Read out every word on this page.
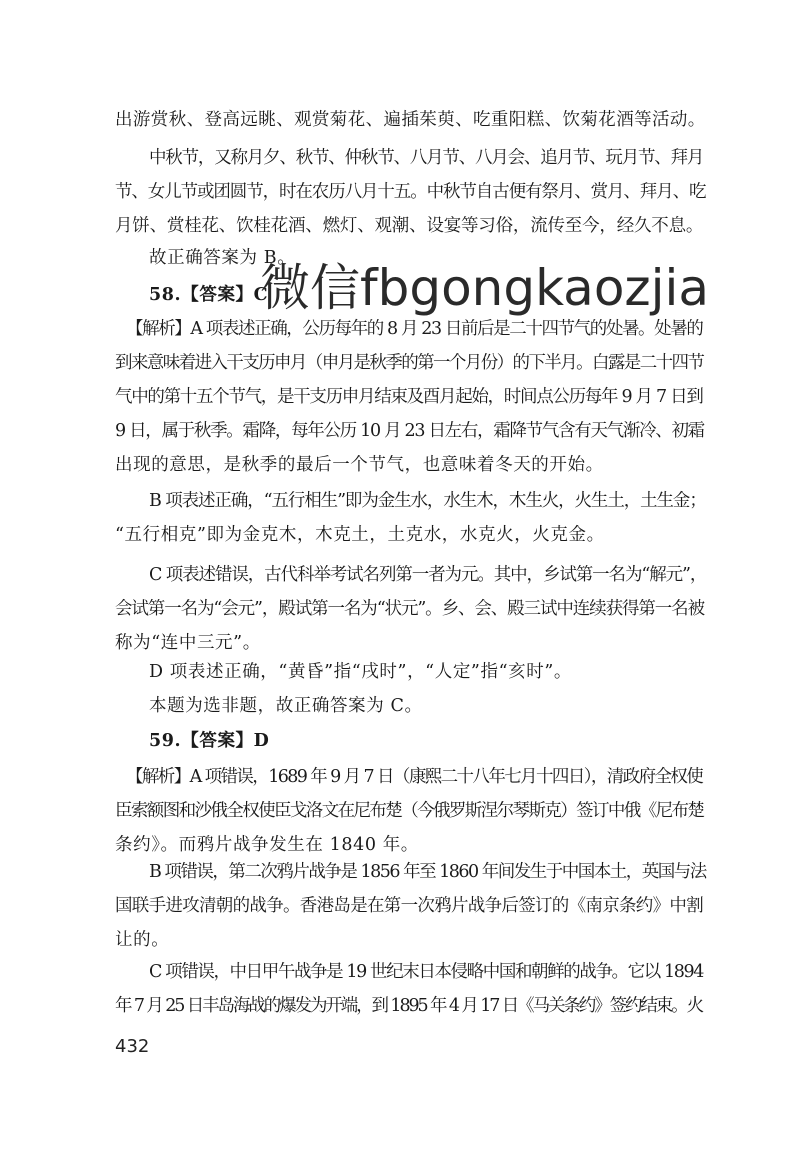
出游赏秋、登高远眺、观赏菊花、遍插茱萸、吃重阳糕、饮菊花酒等活动。
中秋节，又称月夕、秋节、仲秋节、八月节、八月会、追月节、玩月节、拜月
节、女儿节或团圆节，时在农历八月十五。中秋节自古便有祭月、赏月、拜月、吃
月饼、赏桂花、饮桂花酒、燃灯、观潮、设宴等习俗，流传至今，经久不息。
故正确答案为 B。
58.【答案】C
【解析】A 项表述正确，公历每年的 8 月 23 日前后是二十四节气的处暑。处暑的
到来意味着进入干支历申月（申月是秋季的第一个月份）的下半月。白露是二十四节
气中的第十五个节气，是干支历申月结束及酉月起始，时间点公历每年 9 月 7 日到
9 日，属于秋季。霜降，每年公历 10 月 23 日左右，霜降节气含有天气渐冷、初霜
出现的意思，是秋季的最后一个节气，也意味着冬天的开始。
B 项表述正确，“五行相生”即为金生水，水生木，木生火，火生土，土生金；
“五行相克”即为金克木，木克土，土克水，水克火，火克金。
C 项表述错误，古代科举考试名列第一者为元。其中，乡试第一名为“解元”，
会试第一名为“会元”，殿试第一名为“状元”。乡、会、殿三试中连续获得第一名被
称为“连中三元”。
D 项表述正确，“黄昏”指“戌时”，“人定”指“亥时”。
本题为选非题，故正确答案为 C。
59.【答案】D
【解析】A 项错误，1689 年 9 月 7 日（康熙二十八年七月十四日），清政府全权使
臣索额图和沙俄全权使臣戈洛文在尼布楚（今俄罗斯涅尔琴斯克）签订中俄《尼布楚
条约》。而鸦片战争发生在 1840 年。
B 项错误，第二次鸦片战争是 1856 年至 1860 年间发生于中国本土，英国与法
国联手进攻清朝的战争。香港岛是在第一次鸦片战争后签订的《南京条约》中割
让的。
C 项错误，中日甲午战争是 19 世纪末日本侵略中国和朝鲜的战争。它以 1894
年 7 月 25 日丰岛海战的爆发为开端，到 1895 年 4 月 17 日《马关条约》签约结束。火
微信fbgongkaozjia
432
